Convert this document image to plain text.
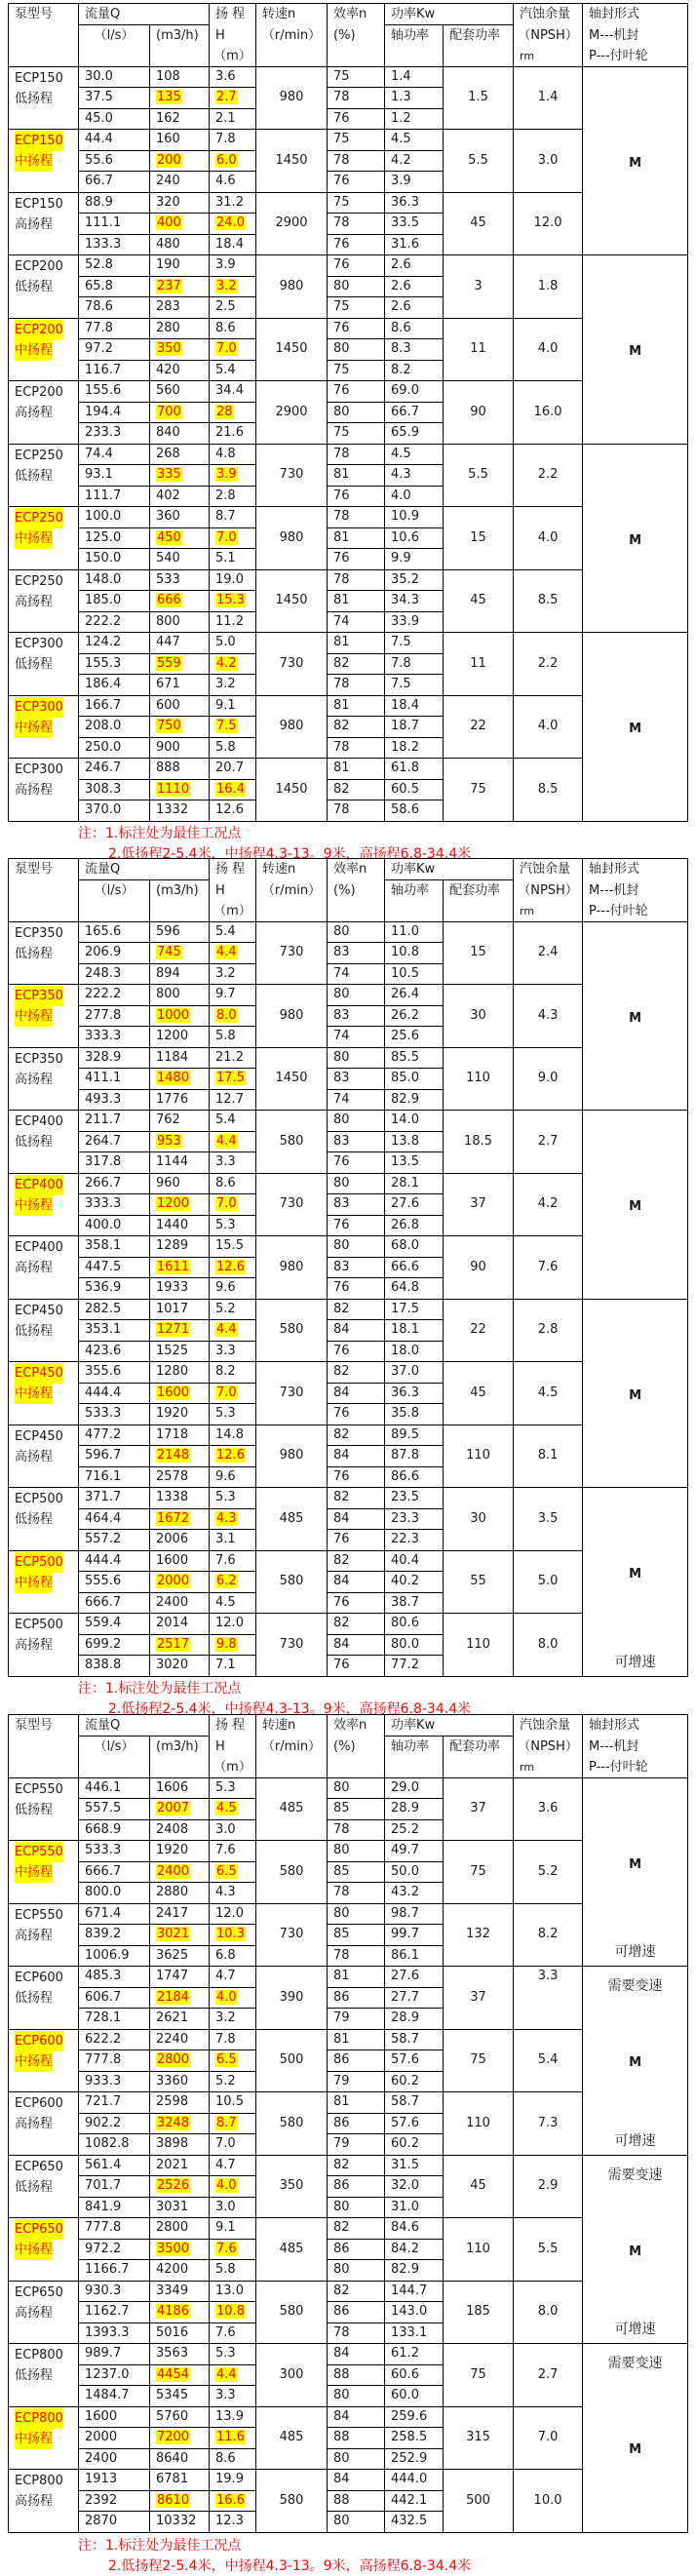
泵型号	流量Q		扬 程	转速n	效率n	功率Kw		汽蚀余量	轴封形式
	（l/s）	(m3/h)	H	（r/min）	(%)	轴功率	配套功率	（NPSH）	M---机封
			（m）					rm	P---付叶轮
ECP150
低扬程	30.0	108	3.6	980	75	1.4	1.5	1.4	M

	37.5	135	2.7		78	1.3			
	45.0	162	2.1		76	1.2			
ECP150
中扬程	44.4	160	7.8	1450	75	4.5	5.5	3.0	
	55.6	200	6.0		78	4.2			
	66.7	240	4.6		76	3.9			
ECP150
高扬程	88.9	320	31.2	2900	75	36.3	45	12.0	
	111.1	400	24.0		78	33.5			
	133.3	480	18.4		76	31.6			
ECP200
低扬程	52.8	190	3.9	980	76	2.6	3	1.8	M

	65.8	237	3.2		80	2.6			
	78.6	283	2.5		75	2.6			
ECP200
中扬程	77.8	280	8.6	1450	76	8.6	11	4.0	
	97.2	350	7.0		80	8.3			
	116.7	420	5.4		75	8.2			
ECP200
高扬程	155.6	560	34.4	2900	76	69.0	90	16.0	
	194.4	700	28		80	66.7			
	233.3	840	21.6		75	65.9			
ECP250
低扬程	74.4	268	4.8	730	78	4.5	5.5	2.2	M

	93.1	335	3.9		81	4.3			
	111.7	402	2.8		76	4.0			
ECP250
中扬程	100.0	360	8.7	980	78	10.9	15	4.0	
	125.0	450	7.0		81	10.6			
	150.0	540	5.1		76	9.9			
ECP250
高扬程	148.0	533	19.0	1450	78	35.2	45	8.5	
	185.0	666	15.3		81	34.3			
	222.2	800	11.2		74	33.9			
ECP300
低扬程	124.2	447	5.0	730	81	7.5	11	2.2	M

	155.3	559	4.2		82	7.8			
	186.4	671	3.2		78	7.5			
ECP300
中扬程	166.7	600	9.1	980	81	18.4	22	4.0	
	208.0	750	7.5		82	18.7			
	250.0	900	5.8		78	18.2			
ECP300
高扬程	246.7	888	20.7	1450	81	61.8	75	8.5	
	308.3	1110	16.4		82	60.5			
	370.0	1332	12.6		78	58.6			
注：1.标注处为最佳工况点
2.低扬程2-5.4米，中扬程4.3-13。9米，高扬程6.8-34.4米
泵型号	流量Q		扬 程	转速n	效率n	功率Kw		汽蚀余量	轴封形式
	（l/s）	(m3/h)	H	（r/min）	(%)	轴功率	配套功率	（NPSH）	M---机封
			（m）					rm	P---付叶轮
ECP350
低扬程	165.6	596	5.4	730	80	11.0	15	2.4	M

	206.9	745	4.4		83	10.8			
	248.3	894	3.2		74	10.5			
ECP350
中扬程	222.2	800	9.7	980	80	26.4	30	4.3	
	277.8	1000	8.0		83	26.2			
	333.3	1200	5.8		74	25.6			
ECP350
高扬程	328.9	1184	21.2	1450	80	85.5	110	9.0	
	411.1	1480	17.5		83	85.0			
	493.3	1776	12.7		74	82.9			
ECP400
低扬程	211.7	762	5.4	580	80	14.0	18.5	2.7	M

	264.7	953	4.4		83	13.8			
	317.8	1144	3.3		76	13.5			
ECP400
中扬程	266.7	960	8.6	730	80	28.1	37	4.2	
	333.3	1200	7.0		83	27.6			
	400.0	1440	5.3		76	26.8			
ECP400
高扬程	358.1	1289	15.5	980	80	68.0	90	7.6	
	447.5	1611	12.6		83	66.6			
	536.9	1933	9.6		76	64.8			
ECP450
低扬程	282.5	1017	5.2	580	82	17.5	22	2.8	M

	353.1	1271	4.4		84	18.1			
	423.6	1525	3.3		76	18.0			
ECP450
中扬程	355.6	1280	8.2	730	82	37.0	45	4.5	
	444.4	1600	7.0		84	36.3			
	533.3	1920	5.3		76	35.8			
ECP450
高扬程	477.2	1718	14.8	980	82	89.5	110	8.1	
	596.7	2148	12.6		84	87.8			
	716.1	2578	9.6		76	86.6			
ECP500
低扬程	371.7	1338	5.3	485	82	23.5	30	3.5	M
可增速

	464.4	1672	4.3		84	23.3			
	557.2	2006	3.1		76	22.3			
ECP500
中扬程	444.4	1600	7.6	580	82	40.4	55	5.0	
	555.6	2000	6.2		84	40.2			
	666.7	2400	4.5		76	38.7			
ECP500
高扬程	559.4	2014	12.0	730	82	80.6	110	8.0	
	699.2	2517	9.8		84	80.0			
	838.8	3020	7.1		76	77.2			
注：1.标注处为最佳工况点
2.低扬程2-5.4米，中扬程4.3-13。9米，高扬程6.8-34.4米
泵型号	流量Q		扬 程	转速n	效率n	功率Kw		汽蚀余量	轴封形式
	（l/s）	(m3/h)	H	（r/min）	(%)	轴功率	配套功率	（NPSH）	M---机封
			（m）					rm	P---付叶轮
ECP550
低扬程	446.1	1606	5.3	485	80	29.0	37	3.6	M
可增速

	557.5	2007	4.5		85	28.9			
	668.9	2408	3.0		78	25.2			
ECP550
中扬程	533.3	1920	7.6	580	80	49.7	75	5.2	
	666.7	2400	6.5		85	50.0			
	800.0	2880	4.3		78	43.2			
ECP550
高扬程	671.4	2417	12.0	730	80	98.7	132	8.2	
	839.2	3021	10.3		85	99.7			
	1006.9	3625	6.8		78	86.1			
ECP600
低扬程	485.3	1747	4.7	390	81	27.6	37	3.3	需要变速
M
可增速

	606.7	2184	4.0		86	27.7			
	728.1	2621	3.2		79	28.9			
ECP600
中扬程	622.2	2240	7.8	500	81	58.7	75	5.4	
	777.8	2800	6.5		86	57.6			
	933.3	3360	5.2		79	60.2			
ECP600
高扬程	721.7	2598	10.5	580	81	58.7	110	7.3	
	902.2	3248	8.7		86	57.6			
	1082.8	3898	7.0		79	60.2			
ECP650
低扬程	561.4	2021	4.7	350	82	31.5	45	2.9	需要变速
M
可增速

	701.7	2526	4.0		86	32.0			
	841.9	3031	3.0		80	31.0			
ECP650
中扬程	777.8	2800	9.1	485	82	84.6	110	5.5	
	972.2	3500	7.6		86	84.2			
	1166.7	4200	5.8		80	82.9			
ECP650
高扬程	930.3	3349	13.0	580	82	144.7	185	8.0	
	1162.7	4186	10.8		86	143.0			
	1393.3	5016	7.6		78	133.1			
ECP800
低扬程	989.7	3563	5.3	300	84	61.2	75	2.7	需要变速
M

	1237.0	4454	4.4		88	60.6			
	1484.7	5345	3.3		80	60.0			
ECP800
中扬程	1600	5760	13.9	485	84	259.6	315	7.0	
	2000	7200	11.6		88	258.5			
	2400	8640	8.6		80	252.9			
ECP800
高扬程	1913	6781	19.9	580	84	444.0	500	10.0	
	2392	8610	16.6		88	442.1			
	2870	10332	12.3		80	432.5			
注：1.标注处为最佳工况点
2.低扬程2-5.4米，中扬程4.3-13。9米，高扬程6.8-34.4米
